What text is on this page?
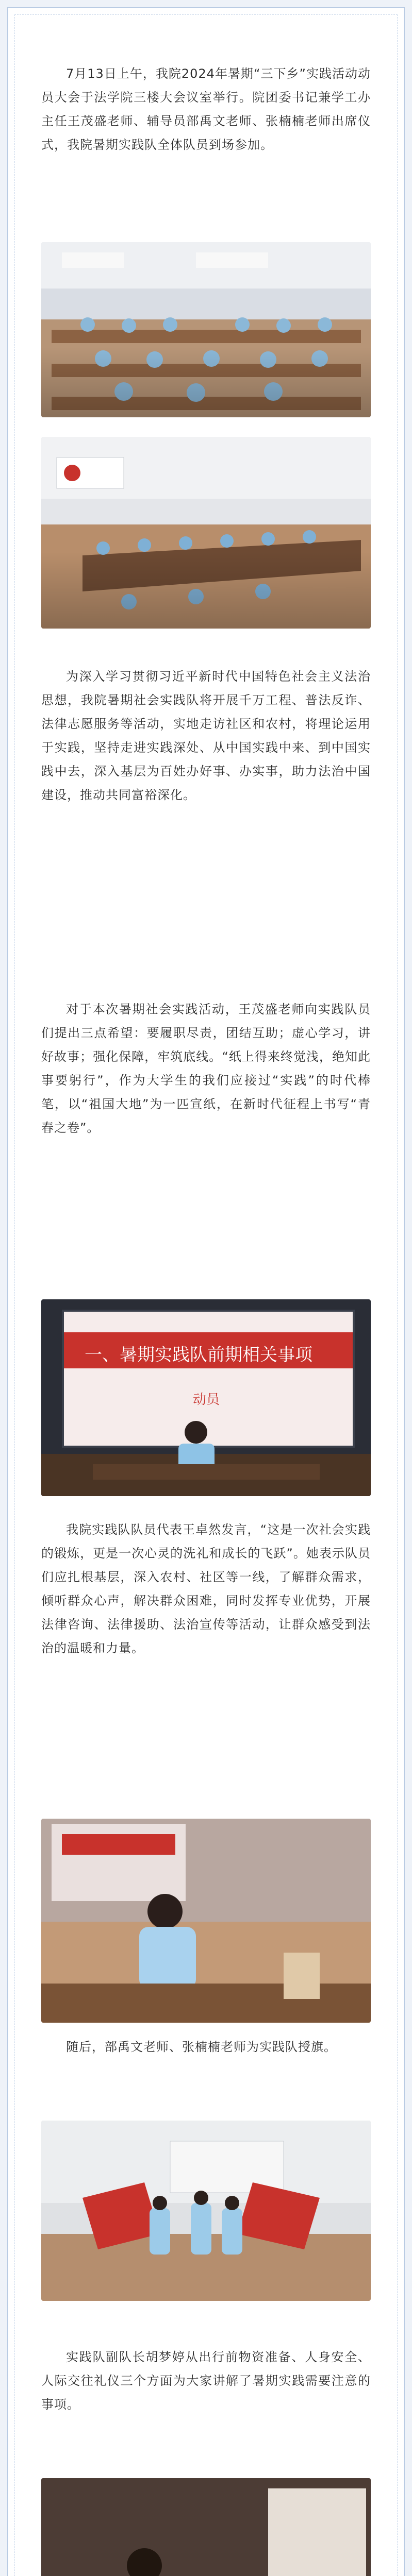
7月13日上午，我院2024年暑期“三下乡”实践活动动员大会于法学院三楼大会议室举行。院团委书记兼学工办主任王茂盛老师、辅导员部禹文老师、张楠楠老师出席仪式，我院暑期实践队全体队员到场参加。

为深入学习贯彻习近平新时代中国特色社会主义法治思想，我院暑期社会实践队将开展千万工程、普法反诈、法律志愿服务等活动，实地走访社区和农村，将理论运用于实践，坚持走进实践深处、从中国实践中来、到中国实践中去，深入基层为百姓办好事、办实事，助力法治中国建设，推动共同富裕深化。

对于本次暑期社会实践活动，王茂盛老师向实践队员们提出三点希望：要履职尽责，团结互助；虚心学习，讲好故事；强化保障，牢筑底线。“纸上得来终觉浅，绝知此事要躬行”，作为大学生的我们应接过“实践”的时代棒笔，以“祖国大地”为一匹宣纸，在新时代征程上书写“青春之卷”。

一、暑期实践队前期相关事项
动员

我院实践队队员代表王卓然发言，“这是一次社会实践的锻炼，更是一次心灵的洗礼和成长的飞跃”。她表示队员们应扎根基层，深入农村、社区等一线，了解群众需求，倾听群众心声，解决群众困难，同时发挥专业优势，开展法律咨询、法律援助、法治宣传等活动，让群众感受到法治的温暖和力量。

随后，部禹文老师、张楠楠老师为实践队授旗。

实践队副队长胡梦婷从出行前物资准备、人身安全、人际交往礼仪三个方面为大家讲解了暑期实践需要注意的事项。
